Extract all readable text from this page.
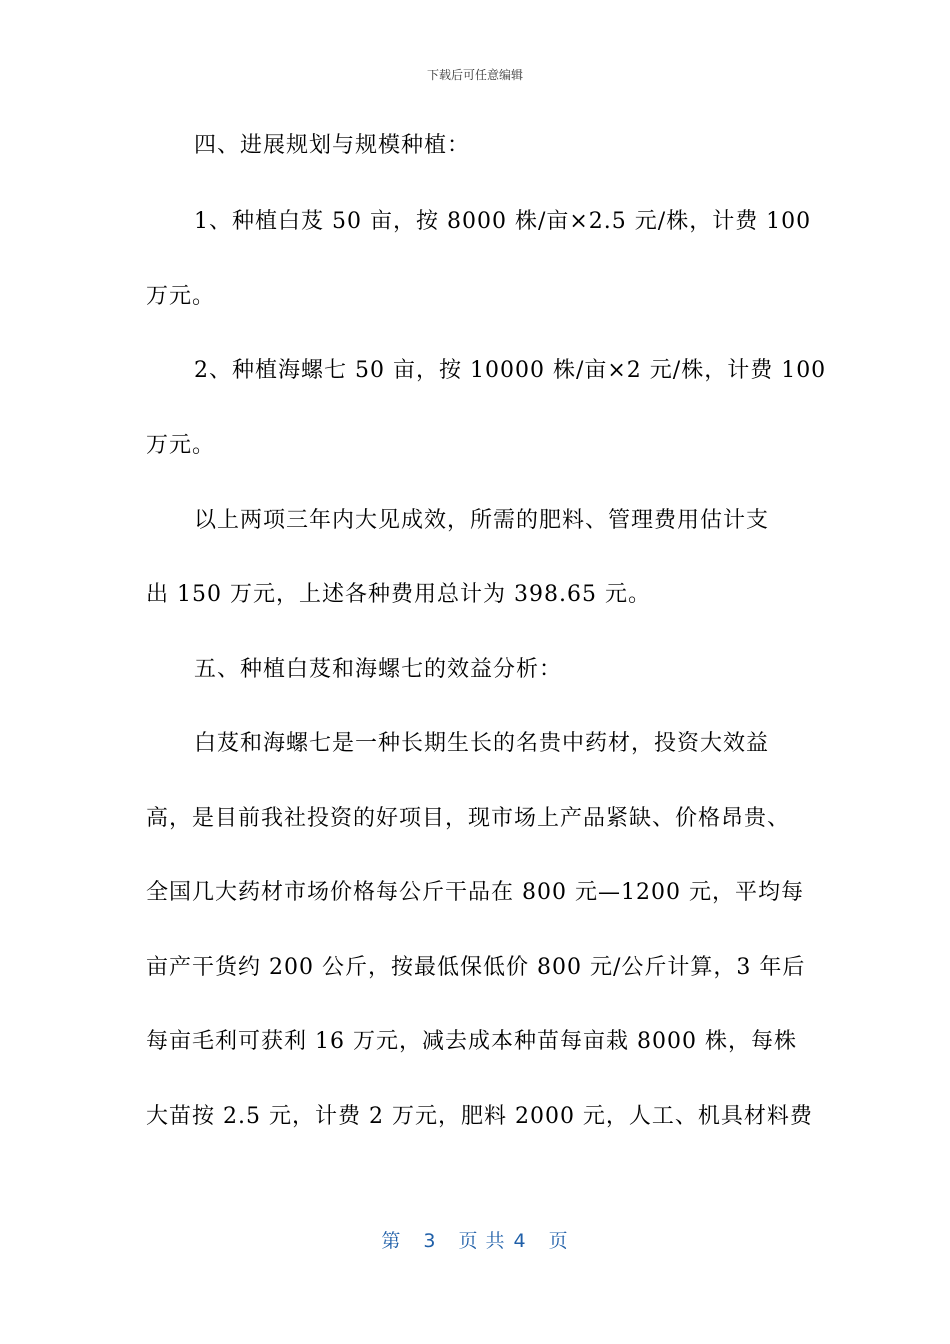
下载后可任意编辑
四、进展规划与规模种植：
1、种植白芨 50 亩，按 8000 株/亩×2.5 元/株，计费 100
万元。
2、种植海螺七 50 亩，按 10000 株/亩×2 元/株，计费 100
万元。
以上两项三年内大见成效，所需的肥料、管理费用估计支
出 150 万元，上述各种费用总计为 398.65 元。
五、种植白芨和海螺七的效益分析：
白芨和海螺七是一种长期生长的名贵中药材，投资大效益
高，是目前我社投资的好项目，现市场上产品紧缺、价格昂贵、
全国几大药材市场价格每公斤干品在 800 元—1200 元，平均每
亩产干货约 200 公斤，按最低保低价 800 元/公斤计算，3 年后
每亩毛利可获利 16 万元，减去成本种苗每亩栽 8000 株，每株
大苗按 2.5 元，计费 2 万元，肥料 2000 元，人工、机具材料费
第 3 页 共 4 页
